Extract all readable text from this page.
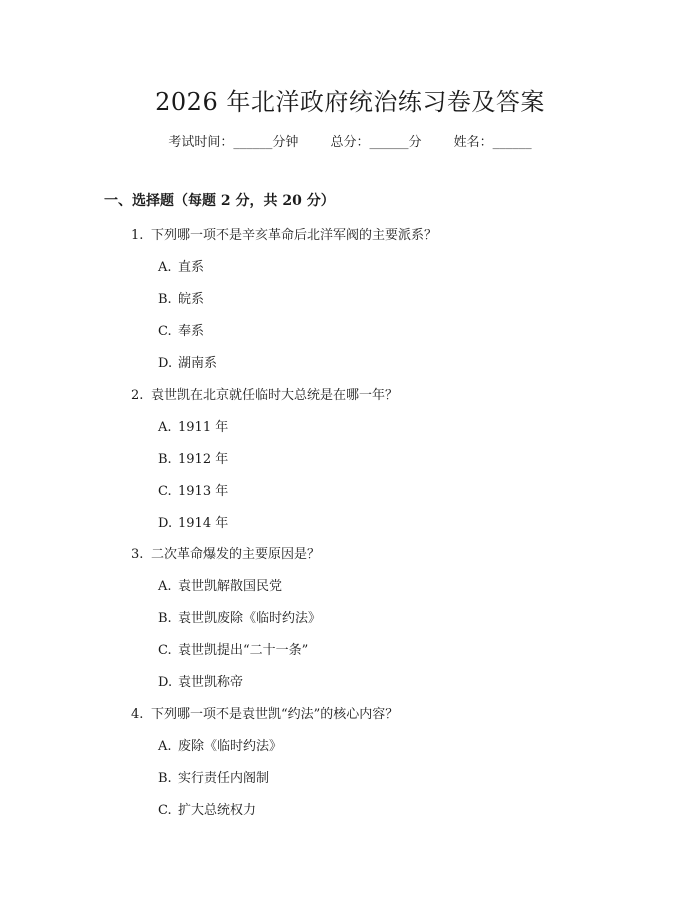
2026 年北洋政府统治练习卷及答案
考试时间：______分钟 总分：______分 姓名：______
一、选择题（每题 2 分，共 20 分）
1. 下列哪一项不是辛亥革命后北洋军阀的主要派系？
A. 直系
B. 皖系
C. 奉系
D. 湖南系
2. 袁世凯在北京就任临时大总统是在哪一年？
A. 1911 年
B. 1912 年
C. 1913 年
D. 1914 年
3. 二次革命爆发的主要原因是？
A. 袁世凯解散国民党
B. 袁世凯废除《临时约法》
C. 袁世凯提出“二十一条”
D. 袁世凯称帝
4. 下列哪一项不是袁世凯“约法”的核心内容？
A. 废除《临时约法》
B. 实行责任内阁制
C. 扩大总统权力
